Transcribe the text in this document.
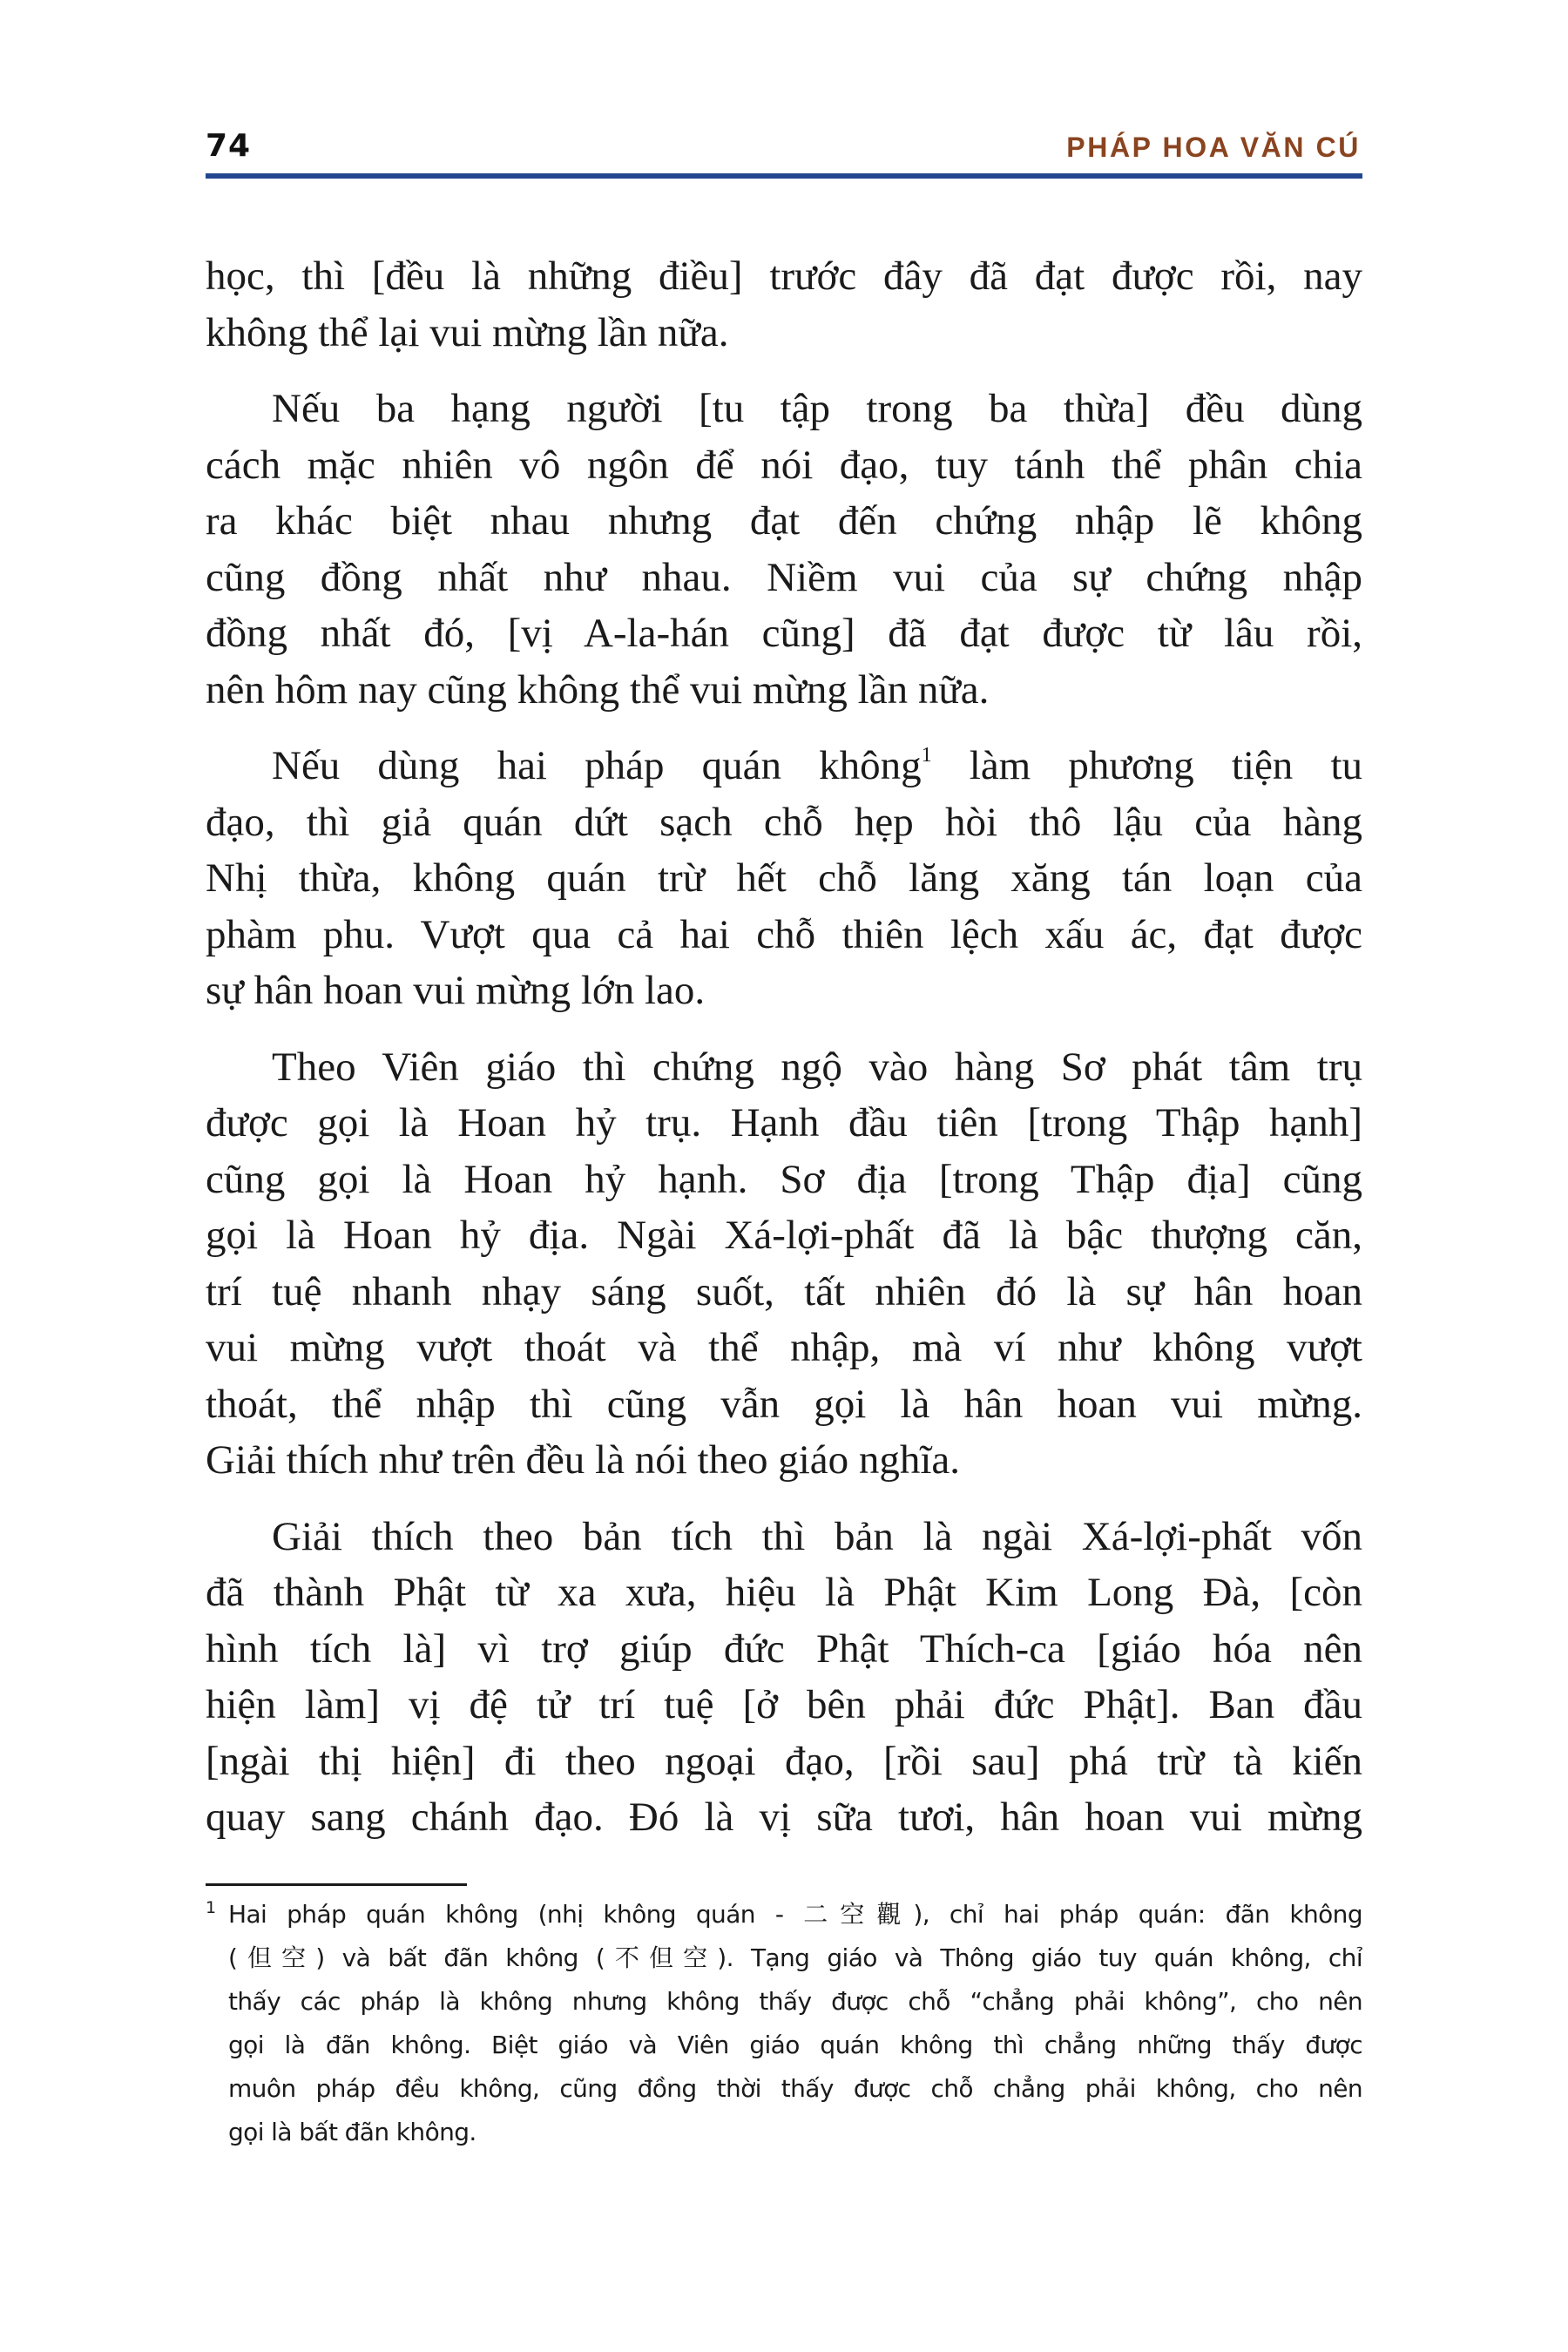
74	PHÁP HOA VĂN CÚ

học, thì [đều là những điều] trước đây đã đạt được rồi, nay
không thể lại vui mừng lần nữa.

Nếu ba hạng người [tu tập trong ba thừa] đều dùng
cách mặc nhiên vô ngôn để nói đạo, tuy tánh thể phân chia
ra khác biệt nhau nhưng đạt đến chứng nhập lẽ không
cũng đồng nhất như nhau. Niềm vui của sự chứng nhập
đồng nhất đó, [vị A-la-hán cũng] đã đạt được từ lâu rồi,
nên hôm nay cũng không thể vui mừng lần nữa.

Nếu dùng hai pháp quán không$^1$ làm phương tiện tu
đạo, thì giả quán dứt sạch chỗ hẹp hòi thô lậu của hàng
Nhị thừa, không quán trừ hết chỗ lăng xăng tán loạn của
phàm phu. Vượt qua cả hai chỗ thiên lệch xấu ác, đạt được
sự hân hoan vui mừng lớn lao.

Theo Viên giáo thì chứng ngộ vào hàng Sơ phát tâm trụ
được gọi là Hoan hỷ trụ. Hạnh đầu tiên [trong Thập hạnh]
cũng gọi là Hoan hỷ hạnh. Sơ địa [trong Thập địa] cũng
gọi là Hoan hỷ địa. Ngài Xá-lợi-phất đã là bậc thượng căn,
trí tuệ nhanh nhạy sáng suốt, tất nhiên đó là sự hân hoan
vui mừng vượt thoát và thể nhập, mà ví như không vượt
thoát, thể nhập thì cũng vẫn gọi là hân hoan vui mừng.
Giải thích như trên đều là nói theo giáo nghĩa.

Giải thích theo bản tích thì bản là ngài Xá-lợi-phất vốn
đã thành Phật từ xa xưa, hiệu là Phật Kim Long Đà, [còn
hình tích là] vì trợ giúp đức Phật Thích-ca [giáo hóa nên
hiện làm] vị đệ tử trí tuệ [ở bên phải đức Phật]. Ban đầu
[ngài thị hiện] đi theo ngoại đạo, [rồi sau] phá trừ tà kiến
quay sang chánh đạo. Đó là vị sữa tươi, hân hoan vui mừng

1 Hai pháp quán không (nhị không quán - 二空觀), chỉ hai pháp quán: đãn không
(但空) và bất đãn không (不但空). Tạng giáo và Thông giáo tuy quán không, chỉ
thấy các pháp là không nhưng không thấy được chỗ “chẳng phải không”, cho nên
gọi là đãn không. Biệt giáo và Viên giáo quán không thì chẳng những thấy được
muôn pháp đều không, cũng đồng thời thấy được chỗ chẳng phải không, cho nên
gọi là bất đãn không.
